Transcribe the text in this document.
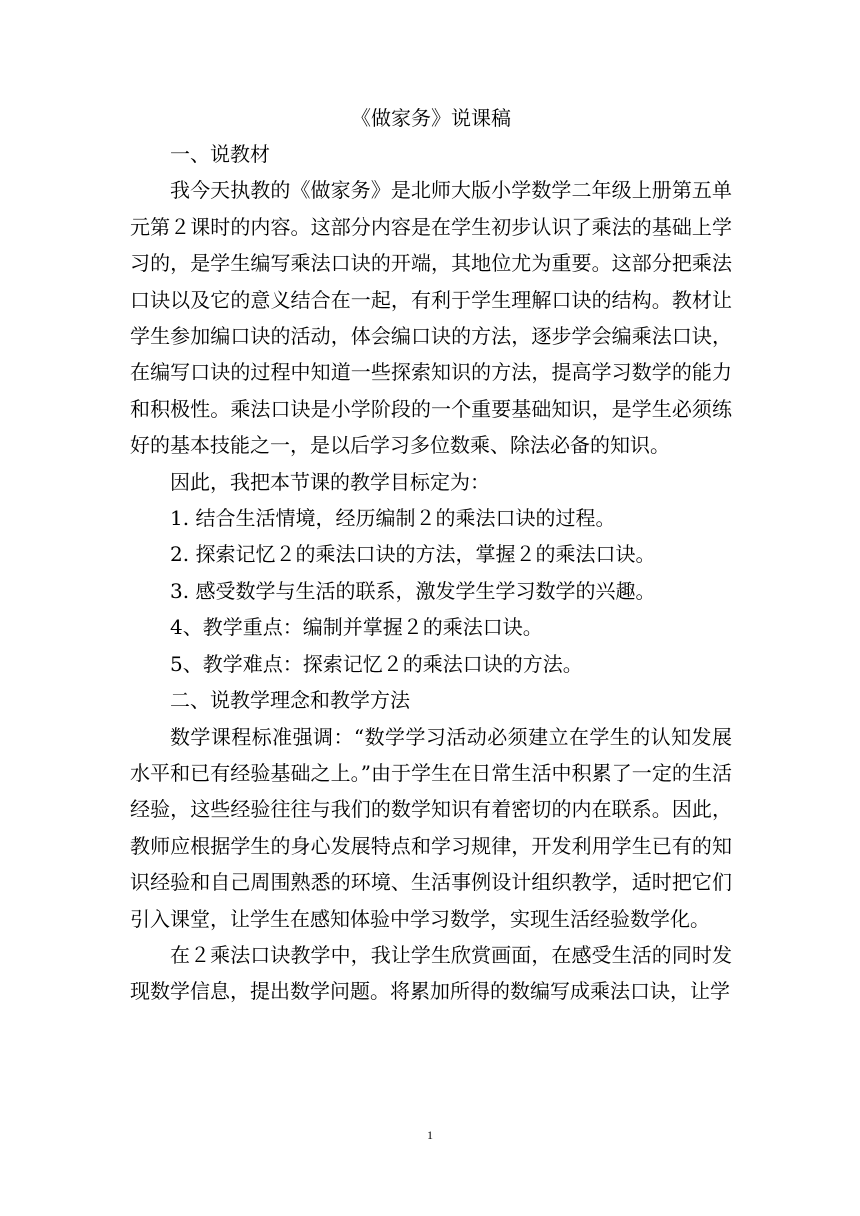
《做家务》说课稿

一、说教材

我今天执教的《做家务》是北师大版小学数学二年级上册第五单元第２课时的内容。这部分内容是在学生初步认识了乘法的基础上学习的，是学生编写乘法口诀的开端，其地位尤为重要。这部分把乘法口诀以及它的意义结合在一起，有利于学生理解口诀的结构。教材让学生参加编口诀的活动，体会编口诀的方法，逐步学会编乘法口诀，在编写口诀的过程中知道一些探索知识的方法，提高学习数学的能力和积极性。乘法口诀是小学阶段的一个重要基础知识，是学生必须练好的基本技能之一，是以后学习多位数乘、除法必备的知识。

因此，我把本节课的教学目标定为：

1. 结合生活情境，经历编制２的乘法口诀的过程。

2. 探索记忆２的乘法口诀的方法，掌握２的乘法口诀。

3. 感受数学与生活的联系，激发学生学习数学的兴趣。

4、教学重点：编制并掌握２的乘法口诀。

5、教学难点：探索记忆２的乘法口诀的方法。

二、说教学理念和教学方法

数学课程标准强调：“数学学习活动必须建立在学生的认知发展水平和已有经验基础之上。”由于学生在日常生活中积累了一定的生活经验，这些经验往往与我们的数学知识有着密切的内在联系。因此，教师应根据学生的身心发展特点和学习规律，开发利用学生已有的知识经验和自己周围熟悉的环境、生活事例设计组织教学，适时把它们引入课堂，让学生在感知体验中学习数学，实现生活经验数学化。

在２乘法口诀教学中，我让学生欣赏画面，在感受生活的同时发现数学信息，提出数学问题。将累加所得的数编写成乘法口诀，让学

1
